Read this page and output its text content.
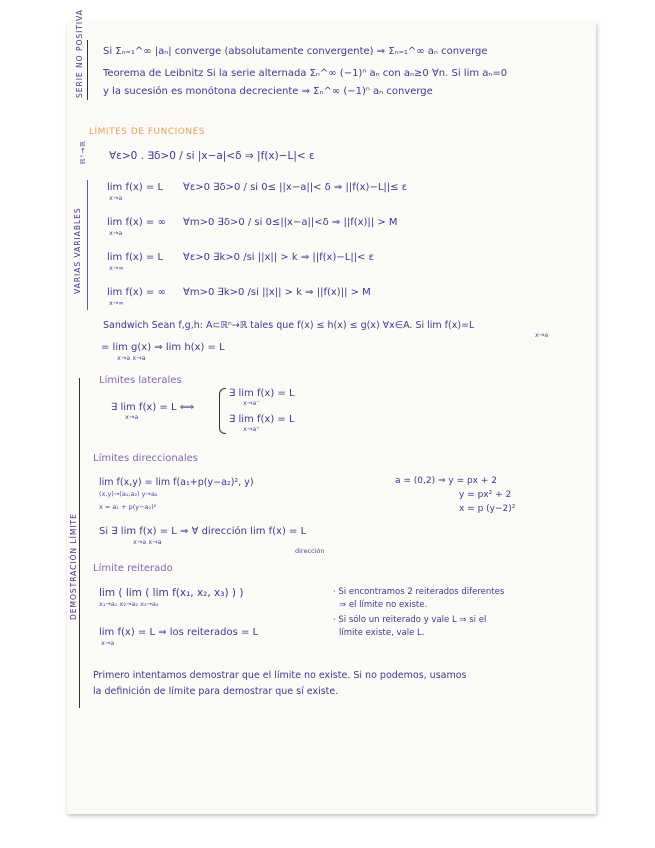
SERIE NO POSITIVA Si Σₙ₌₁^∞ |aₙ| converge (absolutamente convergente) ⇒ Σₙ₌₁^∞ aₙ converge
Teorema de Leibnitz Si la serie alternada Σₙ^∞ (−1)ⁿ aₙ con aₙ≥0 ∀n. Si lim aₙ=0
y la sucesión es monótona decreciente ⇒ Σₙ^∞ (−1)ⁿ aₙ converge
LÍMITES DE FUNCIONES
ℝⁿ→ℝ ∀ε>0 . ∃δ>0 / si |x−a|<δ ⇒ |f(x)−L|< ε
VARIAS VARIABLES
lim f(x) = L
x→a
∀ε>0 ∃δ>0 / si 0≤ ||x−a||< δ ⇒ ||f(x)−L||≤ ε
lim f(x) = ∞
x→a
∀m>0 ∃δ>0 / si 0≤||x−a||<δ ⇒ ||f(x)|| > M
lim f(x) = L
x→∞
∀ε>0 ∃k>0 /si ||x|| > k ⇒ ||f(x)−L||< ε
lim f(x) = ∞
x→∞
∀m>0 ∃k>0 /si ||x|| > k ⇒ ||f(x)|| > M
Sandwich Sean f,g,h: A⊂ℝⁿ→ℝ tales que f(x) ≤ h(x) ≤ g(x) ∀x∈A. Si lim f(x)=L
x→a
= lim g(x) ⇒ lim h(x) = L
x→a x→a
DEMOSTRACIÓN LÍMITE
Límites laterales
∃ lim f(x) = L ⟺
x→a
∃ lim f(x) = L
x→a⁻
∃ lim f(x) = L
x→a⁺
Límites direccionales
lim f(x,y) = lim f(a₁+p(y−a₂)², y)
(x,y)→(a₁,a₂) y→a₂
x = a₁ + p(y−a₂)²
a = (0,2) ⇒ y = px + 2
y = px² + 2
x = p (y−2)²
Si ∃ lim f(x) = L ⇒ ∀ dirección lim f(x) = L
x→a x→a
dirección
Límite reiterado
lim ( lim ( lim f(x₁, x₂, x₃) ) )
x₁→a₁ x₂→a₂ x₃→a₃
· Si encontramos 2 reiterados diferentes
⇒ el límite no existe.
· Si sólo un reiterado y vale L ⇒ si el
límite existe, vale L.
lim f(x) = L ⇒ los reiterados = L
x→a
Primero intentamos demostrar que el límite no existe. Si no podemos, usamos
la definición de límite para demostrar que sí existe.
